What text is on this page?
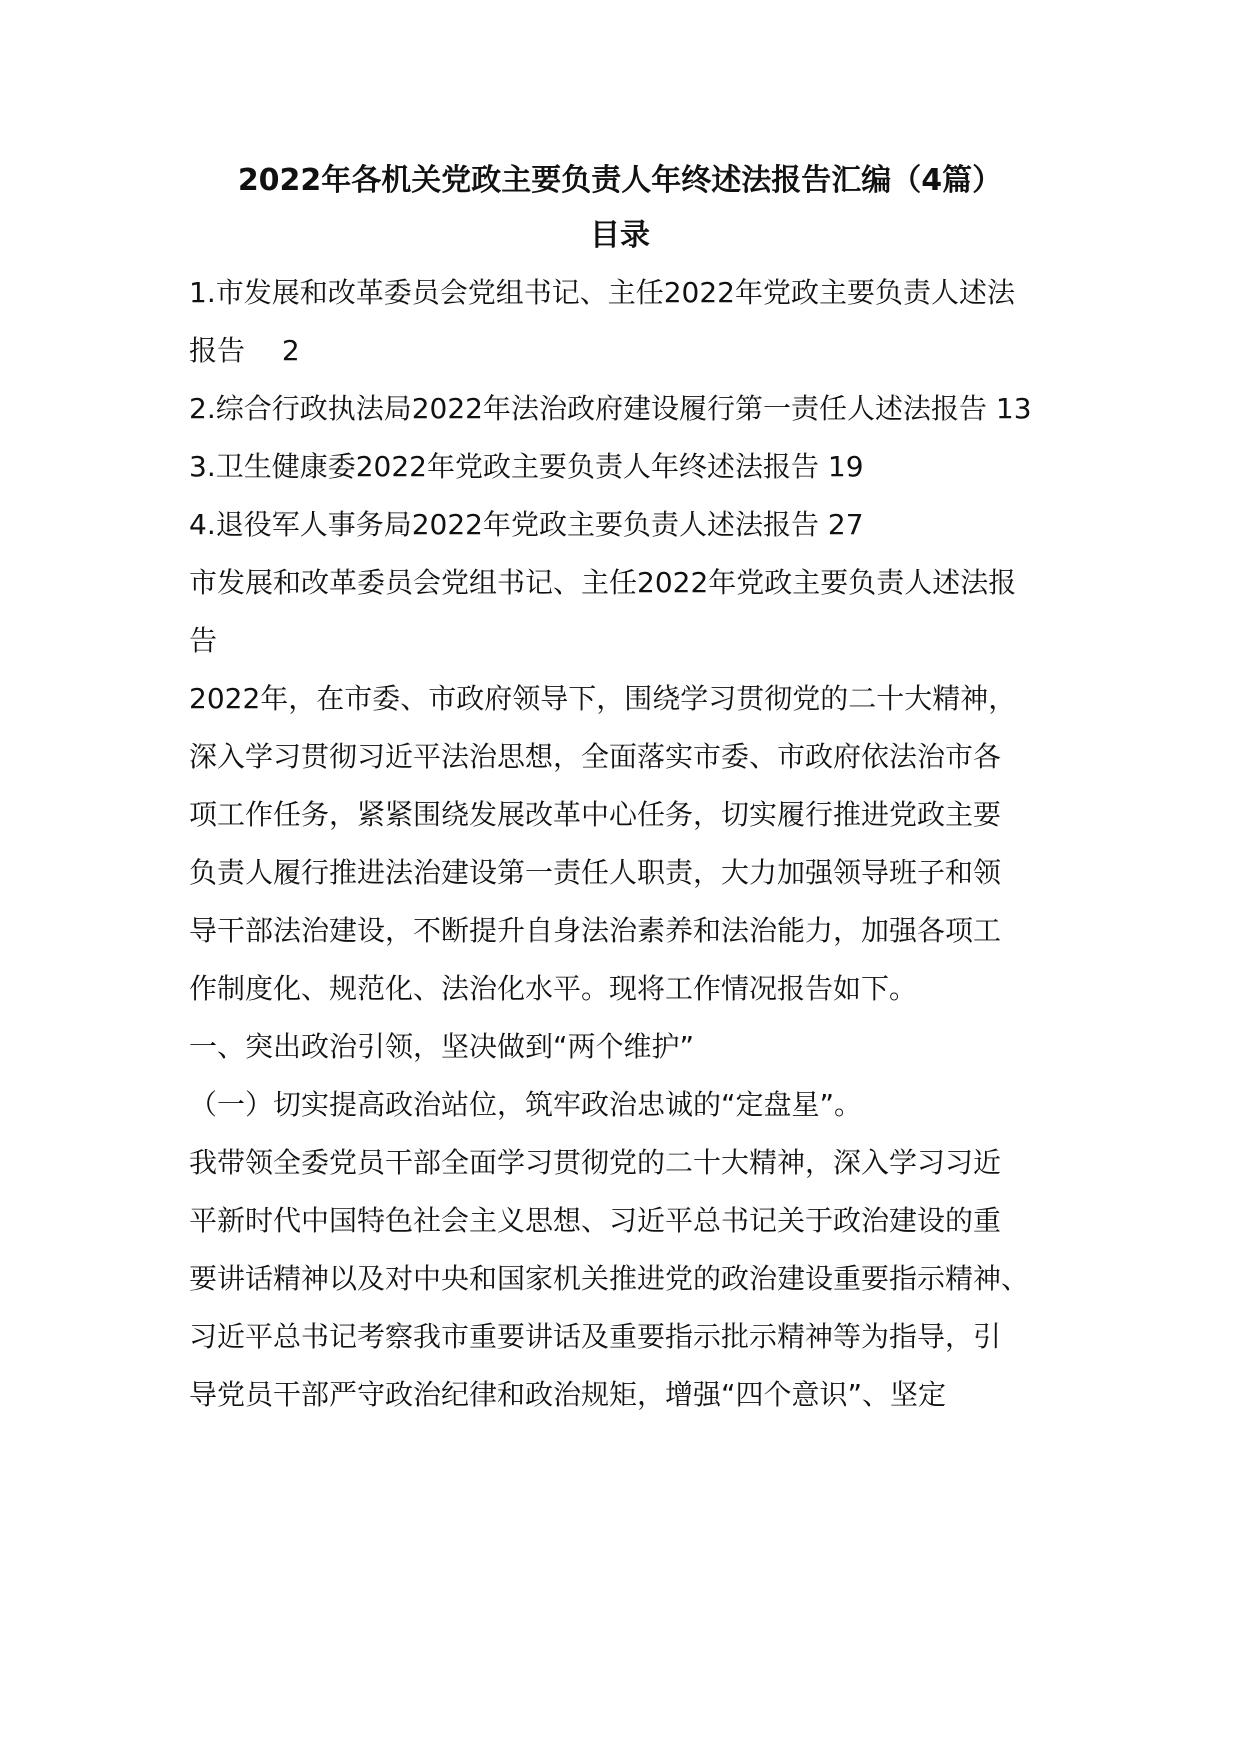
2022年各机关党政主要负责人年终述法报告汇编（4篇）
目录
1.市发展和改革委员会党组书记、主任2022年党政主要负责人述法
报告　 2
2.综合行政执法局2022年法治政府建设履行第一责任人述法报告 13
3.卫生健康委2022年党政主要负责人年终述法报告 19
4.退役军人事务局2022年党政主要负责人述法报告 27
市发展和改革委员会党组书记、主任2022年党政主要负责人述法报
告
2022年，在市委、市政府领导下，围绕学习贯彻党的二十大精神，
深入学习贯彻习近平法治思想，全面落实市委、市政府依法治市各
项工作任务，紧紧围绕发展改革中心任务，切实履行推进党政主要
负责人履行推进法治建设第一责任人职责，大力加强领导班子和领
导干部法治建设，不断提升自身法治素养和法治能力，加强各项工
作制度化、规范化、法治化水平。现将工作情况报告如下。
一、突出政治引领，坚决做到“两个维护”
（一）切实提高政治站位，筑牢政治忠诚的“定盘星”。
我带领全委党员干部全面学习贯彻党的二十大精神，深入学习习近
平新时代中国特色社会主义思想、习近平总书记关于政治建设的重
要讲话精神以及对中央和国家机关推进党的政治建设重要指示精神、
习近平总书记考察我市重要讲话及重要指示批示精神等为指导，引
导党员干部严守政治纪律和政治规矩，增强“四个意识”、坚定
